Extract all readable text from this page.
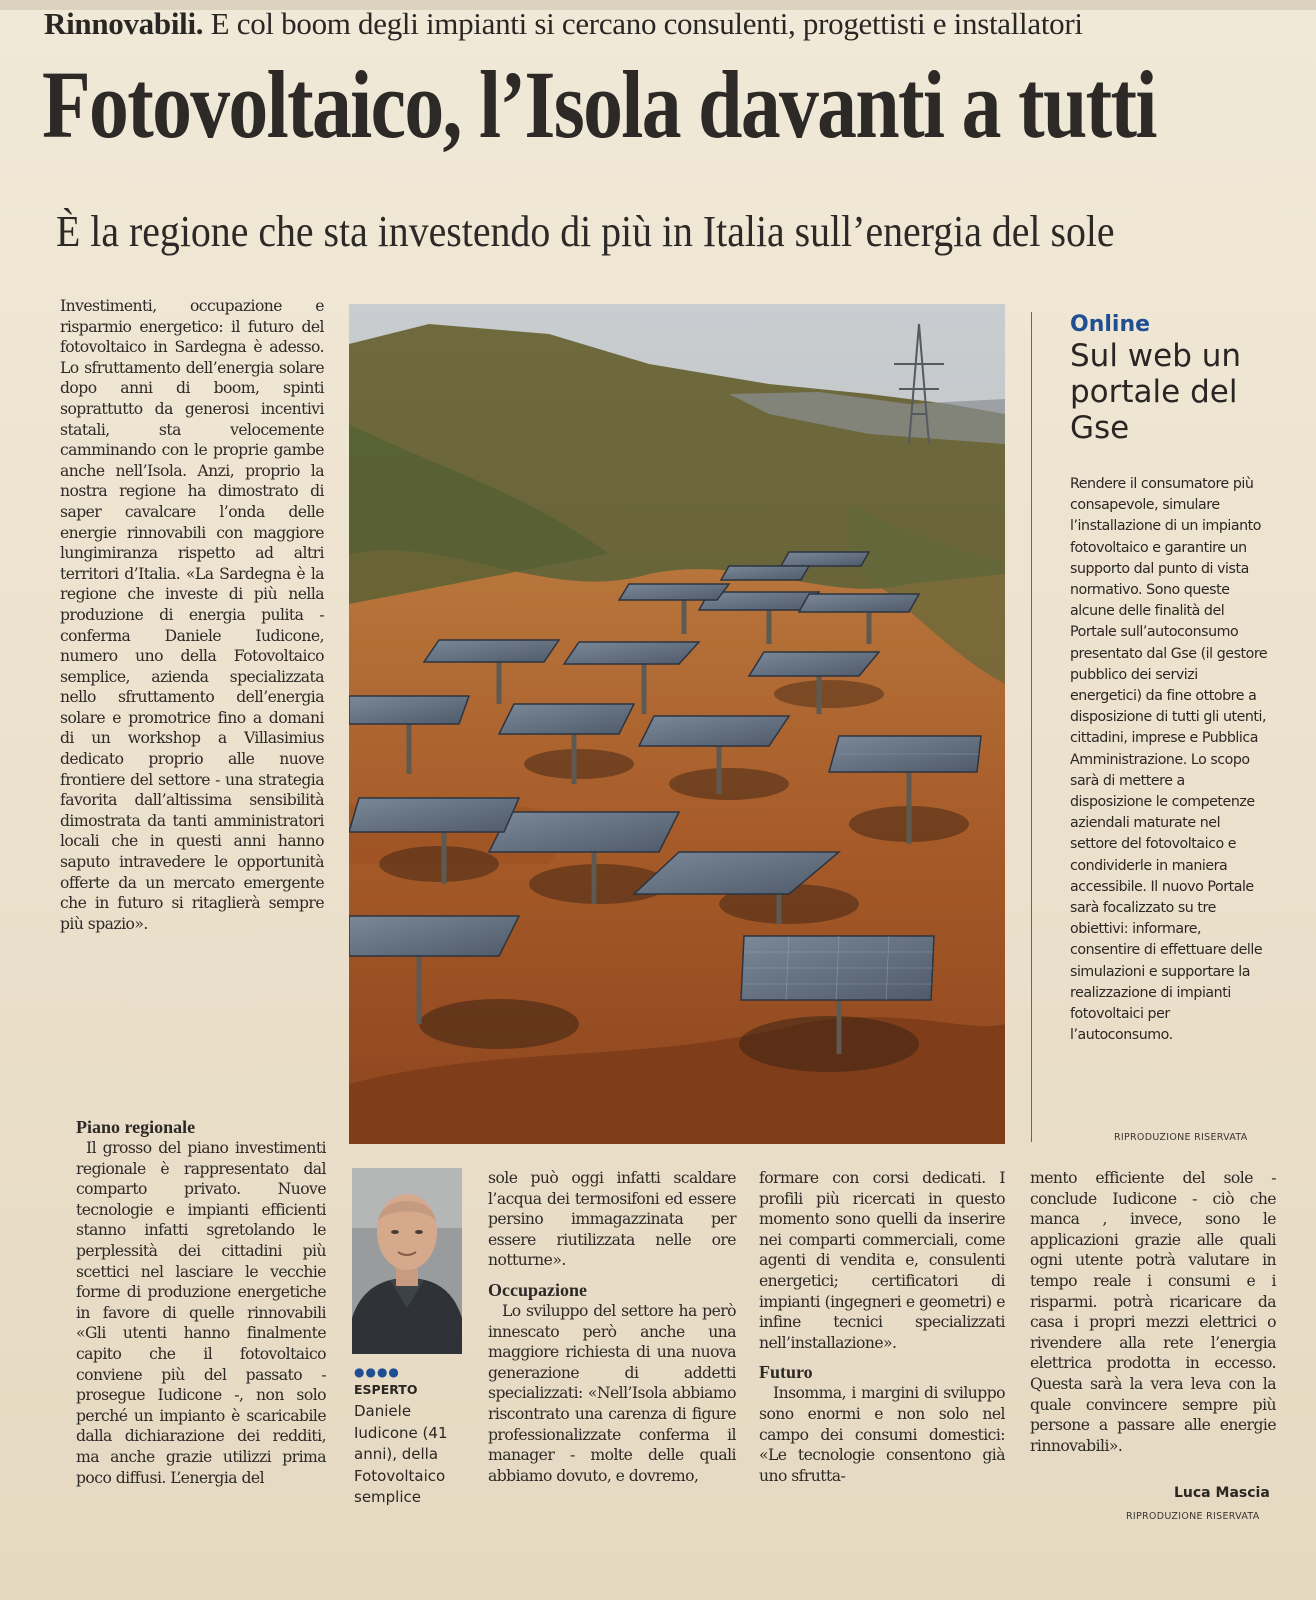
Rinnovabili. E col boom degli impianti si cercano consulenti, progettisti e installatori
Fotovoltaico, l’Isola davanti a tutti
È la regione che sta investendo di più in Italia sull’energia del sole

Investimenti, occupazione e risparmio energetico: il futuro del fotovoltaico in Sardegna è adesso. Lo sfruttamento dell’energia solare dopo anni di boom, spinti soprattutto da generosi incentivi statali, sta velocemente camminando con le proprie gambe anche nell’Isola. Anzi, proprio la nostra regione ha dimostrato di saper cavalcare l’onda delle energie rinnovabili con maggiore lungimiranza rispetto ad altri territori d’Italia. «La Sardegna è la regione che investe di più nella produzione di energia pulita - conferma Daniele Iudicone, numero uno della Fotovoltaico semplice, azienda specializzata nello sfruttamento dell’energia solare e promotrice fino a domani di un workshop a Villasimius dedicato proprio alle nuove frontiere del settore - una strategia favorita dall’altissima sensibilità dimostrata da tanti amministratori locali che in questi anni hanno saputo intravedere le opportunità offerte da un mercato emergente che in futuro si ritaglierà sempre più spazio».

Piano regionale

Il grosso del piano investimenti regionale è rappresentato dal comparto privato. Nuove tecnologie e impianti efficienti stanno infatti sgretolando le perplessità dei cittadini più scettici nel lasciare le vecchie forme di produzione energetiche in favore di quelle rinnovabili «Gli utenti hanno finalmente capito che il fotovoltaico conviene più del passato - prosegue Iudicone -, non solo perché un impianto è scaricabile dalla dichiarazione dei redditi, ma anche grazie utilizzi prima poco diffusi. L’energia del

Online
Sul web un portale del Gse
Rendere il consumatore più consapevole, simulare l’installazione di un impianto fotovoltaico e garantire un supporto dal punto di vista normativo. Sono queste alcune delle finalità del Portale sull’autoconsumo presentato dal Gse (il gestore pubblico dei servizi energetici) da fine ottobre a disposizione di tutti gli utenti, cittadini, imprese e Pubblica Amministrazione. Lo scopo sarà di mettere a disposizione le competenze aziendali maturate nel settore del fotovoltaico e condividerle in maniera accessibile. Il nuovo Portale sarà focalizzato su tre obiettivi: informare, consentire di effettuare delle simulazioni e supportare la realizzazione di impianti fotovoltaici per l’autoconsumo.
RIPRODUZIONE RISERVATA
●●●●
ESPERTO
Daniele Iudicone (41 anni), della Fotovoltaico semplice

sole può oggi infatti scaldare l’acqua dei termosifoni ed essere persino immagazzinata per essere riutilizzata nelle ore notturne».

Occupazione

Lo sviluppo del settore ha però innescato però anche una maggiore richiesta di una nuova generazione di addetti specializzati: «Nell’Isola abbiamo riscontrato una carenza di figure professionalizzate conferma il manager - molte delle quali abbiamo dovuto, e dovremo,

formare con corsi dedicati. I profili più ricercati in questo momento sono quelli da inserire nei comparti commerciali, come agenti di vendita e, consulenti energetici; certificatori di impianti (ingegneri e geometri) e infine tecnici specializzati nell’installazione».

Futuro

Insomma, i margini di sviluppo sono enormi e non solo nel campo dei consumi domestici: «Le tecnologie consentono già uno sfrutta-

mento efficiente del sole - conclude Iudicone - ciò che manca , invece, sono le applicazioni grazie alle quali ogni utente potrà valutare in tempo reale i consumi e i risparmi. potrà ricaricare da casa i propri mezzi elettrici o rivendere alla rete l’energia elettrica prodotta in eccesso. Questa sarà la vera leva con la quale convincere sempre più persone a passare alle energie rinnovabili».

Luca Mascia
RIPRODUZIONE RISERVATA
